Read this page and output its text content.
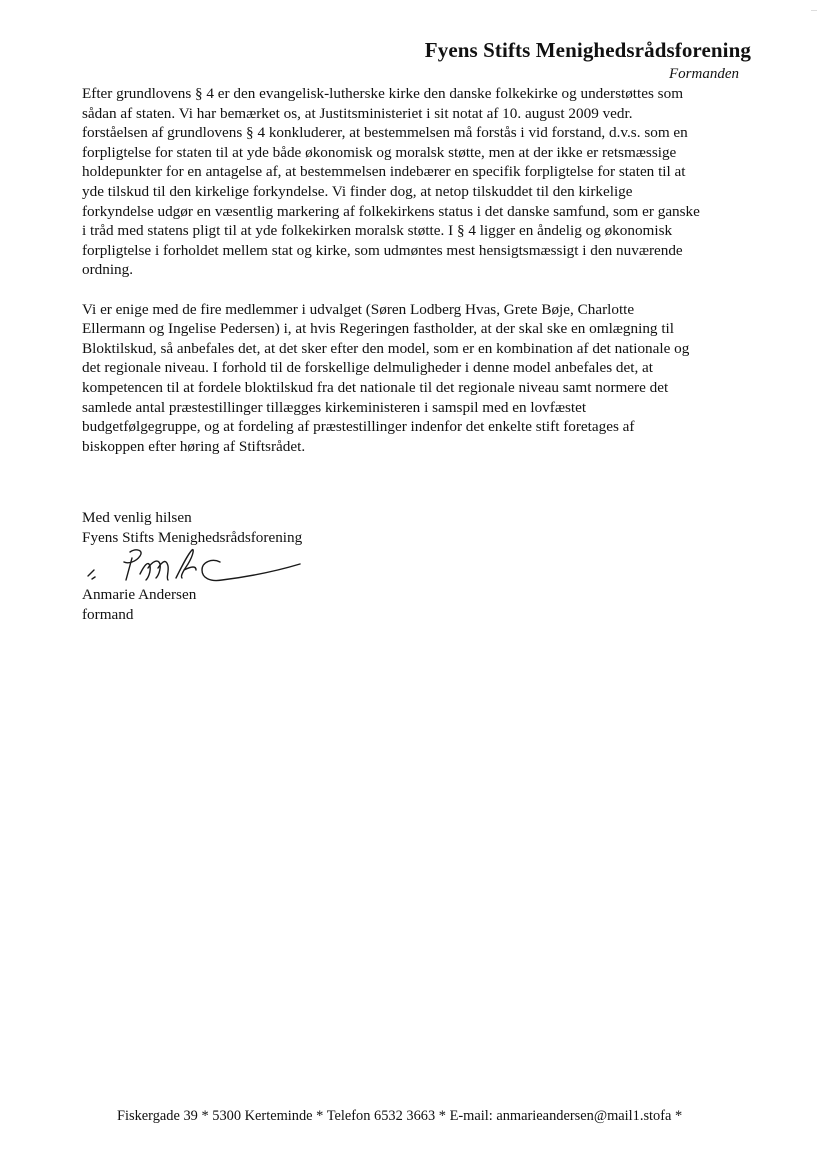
Fyens Stifts Menighedsrådsforening
Formanden

Efter grundlovens § 4 er den evangelisk-lutherske kirke den danske folkekirke og understøttes som
sådan af staten. Vi har bemærket os, at Justitsministeriet i sit notat af 10. august 2009 vedr.
forståelsen af grundlovens § 4 konkluderer, at bestemmelsen må forstås i vid forstand, d.v.s. som en
forpligtelse for staten til at yde både økonomisk og moralsk støtte, men at der ikke er retsmæssige
holdepunkter for en antagelse af, at bestemmelsen indebærer en specifik forpligtelse for staten til at
yde tilskud til den kirkelige forkyndelse. Vi finder dog, at netop tilskuddet til den kirkelige
forkyndelse udgør en væsentlig markering af folkekirkens status i det danske samfund, som er ganske
i tråd med statens pligt til at yde folkekirken moralsk støtte. I § 4 ligger en åndelig og økonomisk
forpligtelse i forholdet mellem stat og kirke, som udmøntes mest hensigtsmæssigt i den nuværende
ordning.

Vi er enige med de fire medlemmer i udvalget (Søren Lodberg Hvas, Grete Bøje, Charlotte
Ellermann og Ingelise Pedersen) i, at hvis Regeringen fastholder, at der skal ske en omlægning til
Bloktilskud, så anbefales det, at det sker efter den model, som er en kombination af det nationale og
det regionale niveau. I forhold til de forskellige delmuligheder i denne model anbefales det, at
kompetencen til at fordele bloktilskud fra det nationale til det regionale niveau samt normere det
samlede antal præstestillinger tillægges kirkeministeren i samspil med en lovfæstet
budgetfølgegruppe, og at fordeling af præstestillinger indenfor det enkelte stift foretages af
biskoppen efter høring af Stiftsrådet.

Med venlig hilsen
Fyens Stifts Menighedsrådsforening
Anmarie Andersen
formand
Fiskergade 39 * 5300 Kerteminde * Telefon 6532 3663 * E-mail: anmarieandersen@mail1.stofa *
